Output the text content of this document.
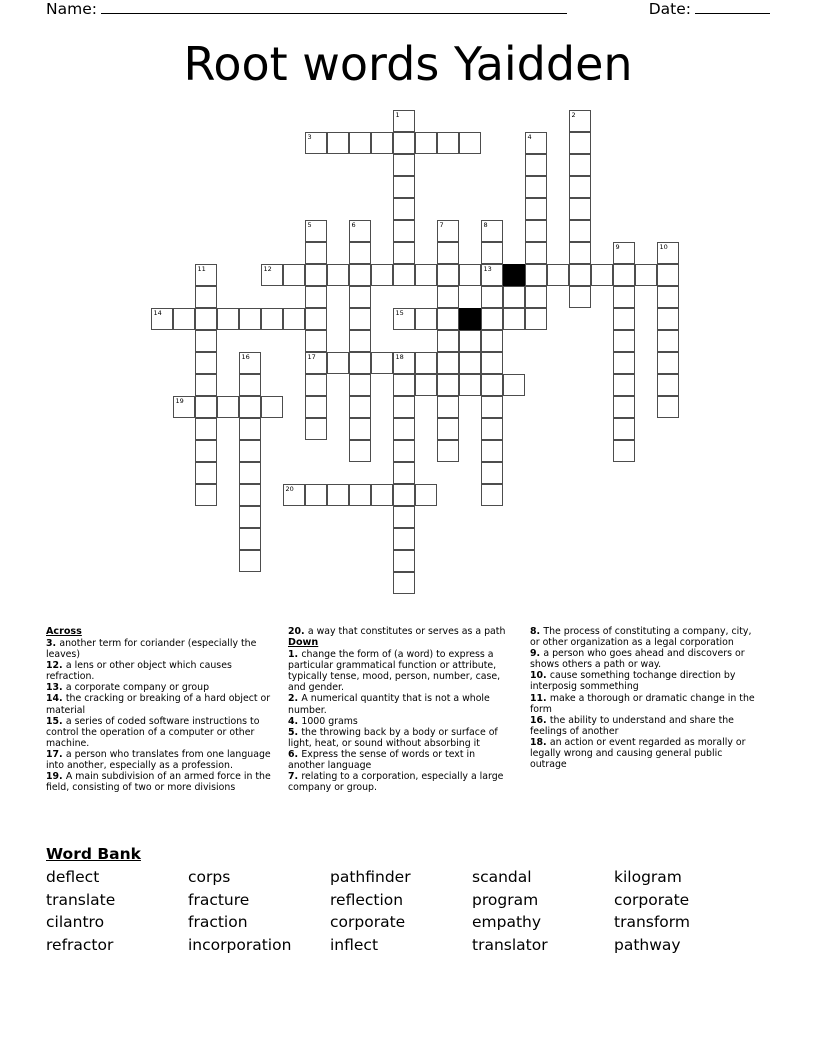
Name:	Date:
Root words Yaidden
1	2
3	4
5
17
6	7	8
13
9	10
11	12
14	15
16	18
19
20
Across
3. another term for coriander (especially the leaves)
12. a lens or other object which causes refraction.
13. a corporate company or group
14. the cracking or breaking of a hard object or material
15. a series of coded software instructions to control the operation of a computer or other machine.
17. a person who translates from one language into another, especially as a profession.
19. A main subdivision of an armed force in the field, consisting of two or more divisions
20. a way that constitutes or serves as a path
Down
1. change the form of (a word) to express a particular grammatical function or attribute, typically tense, mood, person, number, case, and gender.
2. A numerical quantity that is not a whole number.
4. 1000 grams
5. the throwing back by a body or surface of light, heat, or sound without absorbing it
6. Express the sense of words or text in another language
7. relating to a corporation, especially a large company or group.
8. The process of constituting a company, city, or other organization as a legal corporation
9. a person who goes ahead and discovers or shows others a path or way.
10. cause something tochange direction by interposig sommething
11. make a thorough or dramatic change in the form
16. the ability to understand and share the feelings of another
18. an action or event regarded as morally or legally wrong and causing general public outrage
Word Bank
deflect	corps	pathfinder	scandal	kilogram
translate	fracture	reflection	program	corporate
cilantro	fraction	corporate	empathy	transform
refractor	incorporation	inflect	translator	pathway
